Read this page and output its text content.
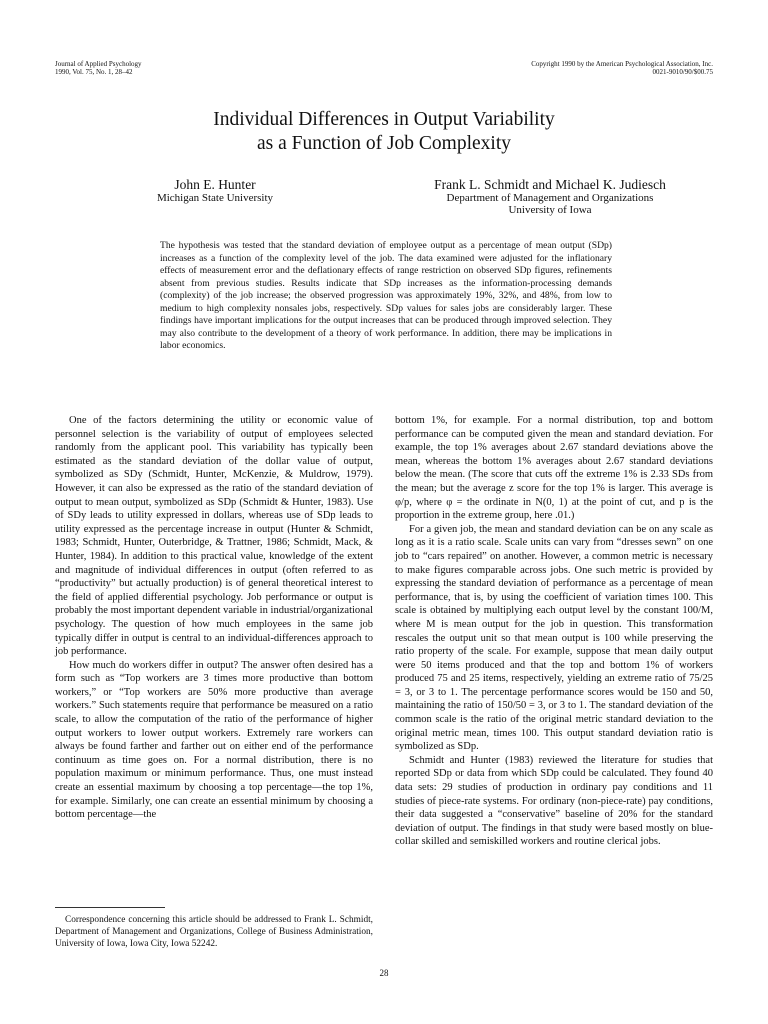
Journal of Applied Psychology
1990, Vol. 75, No. 1, 28–42
Copyright 1990 by the American Psychological Association, Inc.
0021-9010/90/$00.75
Individual Differences in Output Variability
as a Function of Job Complexity
John E. Hunter
Michigan State University
Frank L. Schmidt and Michael K. Judiesch
Department of Management and Organizations
University of Iowa
The hypothesis was tested that the standard deviation of employee output as a percentage of mean output (SDp) increases as a function of the complexity level of the job. The data examined were adjusted for the inflationary effects of measurement error and the deflationary effects of range restriction on observed SDp figures, refinements absent from previous studies. Results indicate that SDp increases as the information-processing demands (complexity) of the job increase; the observed progression was approximately 19%, 32%, and 48%, from low to medium to high complexity nonsales jobs, respectively. SDp values for sales jobs are considerably larger. These findings have important implications for the output increases that can be produced through improved selection. They may also contribute to the development of a theory of work performance. In addition, there may be implications in labor economics.

One of the factors determining the utility or economic value of personnel selection is the variability of output of employees selected randomly from the applicant pool. This variability has typically been estimated as the standard deviation of the dollar value of output, symbolized as SDy (Schmidt, Hunter, McKenzie, & Muldrow, 1979). However, it can also be expressed as the ratio of the standard deviation of output to mean output, symbolized as SDp (Schmidt & Hunter, 1983). Use of SDy leads to utility expressed in dollars, whereas use of SDp leads to utility expressed as the percentage increase in output (Hunter & Schmidt, 1983; Schmidt, Hunter, Outerbridge, & Trattner, 1986; Schmidt, Mack, & Hunter, 1984). In addition to this practical value, knowledge of the extent and magnitude of individual differences in output (often referred to as “productivity” but actually production) is of general theoretical interest to the field of applied differential psychology. Job performance or output is probably the most important dependent variable in industrial/organizational psychology. The question of how much employees in the same job typically differ in output is central to an individual-differences approach to job performance.

How much do workers differ in output? The answer often desired has a form such as “Top workers are 3 times more productive than bottom workers,” or “Top workers are 50% more productive than average workers.” Such statements require that performance be measured on a ratio scale, to allow the computation of the ratio of the performance of higher output workers to lower output workers. Extremely rare workers can always be found farther and farther out on either end of the performance continuum as time goes on. For a normal distribution, there is no population maximum or minimum performance. Thus, one must instead create an essential maximum by choosing a top percentage—the top 1%, for example. Similarly, one can create an essential minimum by choosing a bottom percentage—the

bottom 1%, for example. For a normal distribution, top and bottom performance can be computed given the mean and standard deviation. For example, the top 1% averages about 2.67 standard deviations above the mean, whereas the bottom 1% averages about 2.67 standard deviations below the mean. (The score that cuts off the extreme 1% is 2.33 SDs from the mean; but the average z score for the top 1% is larger. This average is φ/p, where φ = the ordinate in N(0, 1) at the point of cut, and p is the proportion in the extreme group, here .01.)

For a given job, the mean and standard deviation can be on any scale as long as it is a ratio scale. Scale units can vary from “dresses sewn” on one job to “cars repaired” on another. However, a common metric is necessary to make figures comparable across jobs. One such metric is provided by expressing the standard deviation of performance as a percentage of mean performance, that is, by using the coefficient of variation times 100. This scale is obtained by multiplying each output level by the constant 100/M, where M is mean output for the job in question. This transformation rescales the output unit so that mean output is 100 while preserving the ratio property of the scale. For example, suppose that mean daily output were 50 items produced and that the top and bottom 1% of workers produced 75 and 25 items, respectively, yielding an extreme ratio of 75/25 = 3, or 3 to 1. The percentage performance scores would be 150 and 50, maintaining the ratio of 150/50 = 3, or 3 to 1. The standard deviation of the common scale is the ratio of the original metric standard deviation to the original metric mean, times 100. This output standard deviation ratio is symbolized as SDp.

Schmidt and Hunter (1983) reviewed the literature for studies that reported SDp or data from which SDp could be calculated. They found 40 data sets: 29 studies of production in ordinary pay conditions and 11 studies of piece-rate systems. For ordinary (non-piece-rate) pay conditions, their data suggested a “conservative” baseline of 20% for the standard deviation of output. The findings in that study were based mostly on blue-collar skilled and semiskilled workers and routine clerical jobs.

Correspondence concerning this article should be addressed to Frank L. Schmidt, Department of Management and Organizations, College of Business Administration, University of Iowa, Iowa City, Iowa 52242.
28
